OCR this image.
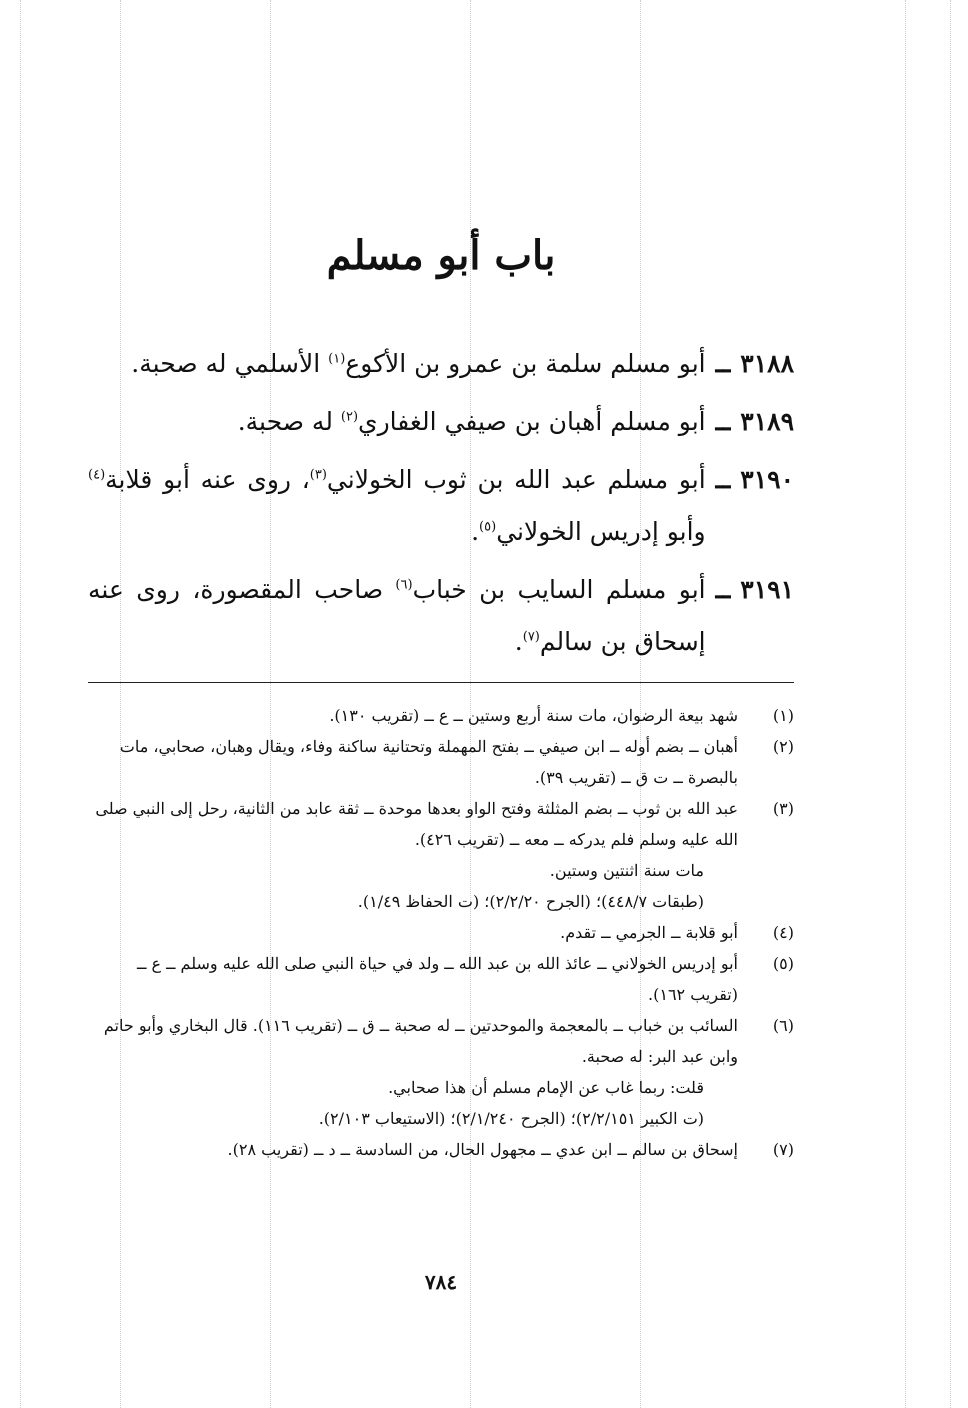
باب أبو مسلم
٣١٨٨ــ
أبو مسلم سلمة بن عمرو بن الأكوع$^{(١)}$ الأسلمي له صحبة.
٣١٨٩ــ
أبو مسلم أهبان بن صيفي الغفاري$^{(٢)}$ له صحبة.
٣١٩٠ــ
أبو مسلم عبد الله بن ثوب الخولاني$^{(٣)}$، روى عنه أبو قلابة$^{(٤)}$ وأبو إدريس الخولاني$^{(٥)}$.
٣١٩١ــ
أبو مسلم السايب بن خباب$^{(٦)}$ صاحب المقصورة، روى عنه إسحاق بن سالم$^{(٧)}$.
(١)

شهد بيعة الرضوان، مات سنة أربع وستين ــ ع ــ (تقريب ١٣٠).

(٢)

أهبان ــ بضم أوله ــ ابن صيفي ــ بفتح المهملة وتحتانية ساكنة وفاء، ويقال وهبان، صحابي، مات بالبصرة ــ ت ق ــ (تقريب ٣٩).

(٣)

عبد الله بن ثوب ــ بضم المثلثة وفتح الواو بعدها موحدة ــ ثقة عابد من الثانية، رحل إلى النبي صلى الله عليه وسلم فلم يدركه ــ معه ــ (تقريب ٤٢٦).

مات سنة اثنتين وستين.

(طبقات ٤٤٨/٧)؛ (الجرح ٢/٢/٢٠)؛ (ت الحفاظ ١/٤٩).

(٤)

أبو قلابة ــ الجرمي ــ تقدم.

(٥)

أبو إدريس الخولاني ــ عائذ الله بن عبد الله ــ ولد في حياة النبي صلى الله عليه وسلم ــ ع ــ (تقريب ١٦٢).

(٦)

السائب بن خباب ــ بالمعجمة والموحدتين ــ له صحبة ــ ق ــ (تقريب ١١٦). قال البخاري وأبو حاتم وابن عبد البر: له صحبة.

قلت: ربما غاب عن الإمام مسلم أن هذا صحابي.

(ت الكبير ٢/٢/١٥١)؛ (الجرح ٢/١/٢٤٠)؛ (الاستيعاب ٢/١٠٣).

(٧)

إسحاق بن سالم ــ ابن عدي ــ مجهول الحال، من السادسة ــ د ــ (تقريب ٢٨).

٧٨٤
